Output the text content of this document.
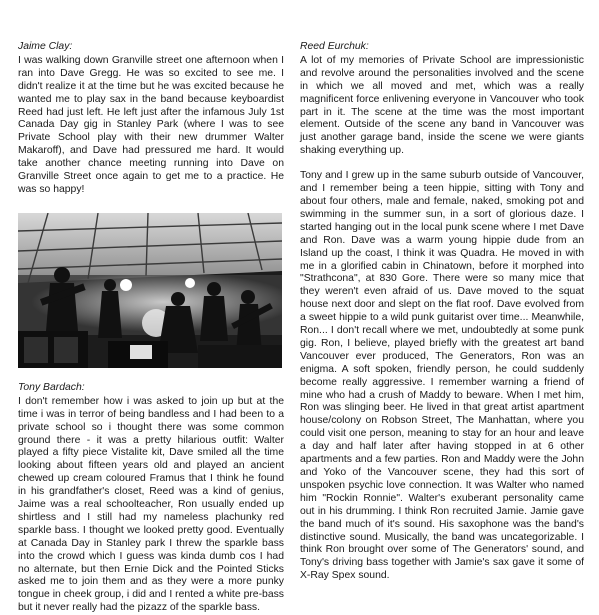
Jaime Clay:

I was walking down Granville street one afternoon when I ran into Dave Gregg. He was so excited to see me. I didn't realize it at the time but he was excited because he wanted me to play sax in the band because keyboardist Reed had just left. He left just after the infamous July 1st Canada Day gig in Stanley Park (where I was to see Private School play with their new drummer Walter Makaroff), and Dave had pressured me hard. It would take another chance meeting running into Dave on Granville Street once again to get me to a practice. He was so happy!

Tony Bardach:

I don't remember how i was asked to join up but at the time i was in terror of being bandless and I had been to a private school so i thought there was some common ground there - it was a pretty hilarious outfit: Walter played a fifty piece Vistalite kit, Dave smiled all the time looking about fifteen years old and played an ancient chewed up cream coloured Framus that I think he found in his grandfather's closet, Reed was a kind of genius, Jaime was a real schoolteacher, Ron usually ended up shirtless and I still had my nameless plachunky red sparkle bass. I thought we looked pretty good. Eventually at Canada Day in Stanley park I threw the sparkle bass into the crowd which I guess was kinda dumb cos I had no alternate, but then Ernie Dick and the Pointed Sticks asked me to join them and as they were a more punky tongue in cheek group, i did and I rented a white pre-bass but it never really had the pizazz of the sparkle bass.

Reed Eurchuk:

A lot of my memories of Private School are impressionistic and revolve around the personalities involved and the scene in which we all moved and met, which was a really magnificent force enlivening everyone in Vancouver who took part in it. The scene at the time was the most important element. Outside of the scene any band in Vancouver was just another garage band, inside the scene we were giants shaking everything up.

Tony and I grew up in the same suburb outside of Vancouver, and I remember being a teen hippie, sitting with Tony and about four others, male and female, naked, smoking pot and swimming in the summer sun, in a sort of glorious daze. I started hanging out in the local punk scene where I met Dave and Ron. Dave was a warm young hippie dude from an Island up the coast, I think it was Quadra. He moved in with me in a glorified cabin in Chinatown, before it morphed into "Strathcona", at 830 Gore. There were so many mice that they weren't even afraid of us. Dave moved to the squat house next door and slept on the flat roof. Dave evolved from a sweet hippie to a wild punk guitarist over time... Meanwhile, Ron... I don't recall where we met, undoubtedly at some punk gig. Ron, I believe, played briefly with the greatest art band Vancouver ever produced, The Generators, Ron was an enigma. A soft spoken, friendly person, he could suddenly become really aggressive. I remember warning a friend of mine who had a crush of Maddy to beware. When I met him, Ron was slinging beer. He lived in that great artist apartment house/colony on Robson Street, The Manhattan, where you could visit one person, meaning to stay for an hour and leave a day and half later after having stopped in at 6 other apartments and a few parties. Ron and Maddy were the John and Yoko of the Vancouver scene, they had this sort of unspoken psychic love connection. It was Walter who named him "Rockin Ronnie". Walter's exuberant personality came out in his drumming. I think Ron recruited Jamie. Jamie gave the band much of it's sound. His saxophone was the band's distinctive sound. Musically, the band was uncategorizable. I think Ron brought over some of The Generators' sound, and Tony's driving bass together with Jamie's sax gave it some of X-Ray Spex sound.
